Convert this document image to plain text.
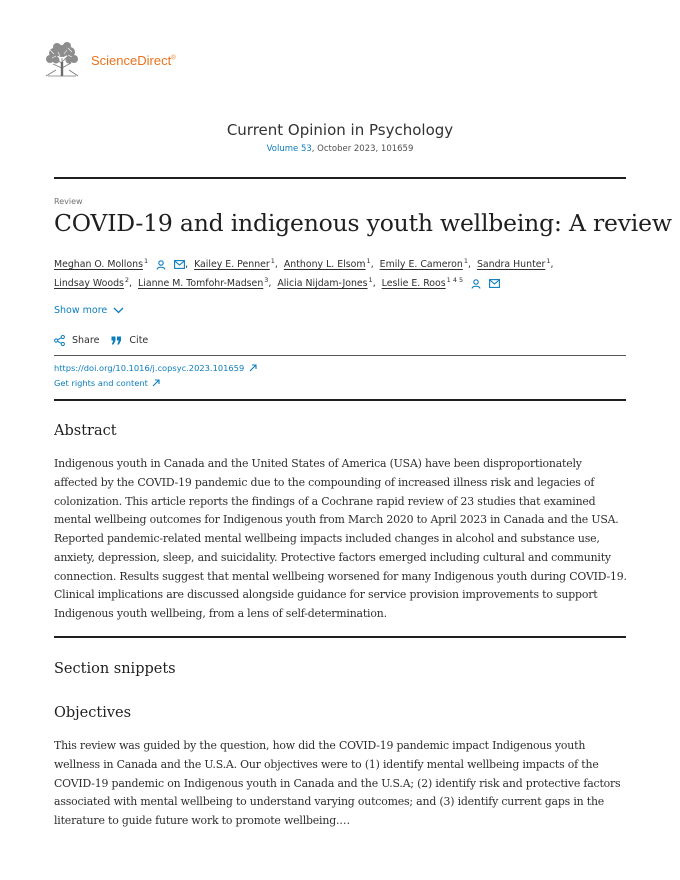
ScienceDirect®
Current Opinion in Psychology
Volume 53, October 2023, 101659
Review
COVID-19 and indigenous youth wellbeing: A review
Meghan O. Mollons$^1$	, Kailey E. Penner$^1$, Anthony L. Elsom$^1$, Emily E. Cameron$^1$, Sandra Hunter$^1$,
Lindsay Woods$^2$, Lianne M. Tomfohr-Madsen$^3$, Alicia Nijdam-Jones$^1$, Leslie E. Roos$^{1 4 5}$
Show more
Share	Cite
https://doi.org/10.1016/j.copsyc.2023.101659
Get rights and content
Abstract

Indigenous youth in Canada and the United States of America (USA) have been disproportionately affected by the COVID-19 pandemic due to the compounding of increased illness risk and legacies of colonization. This article reports the findings of a Cochrane rapid review of 23 studies that examined mental wellbeing outcomes for Indigenous youth from March 2020 to April 2023 in Canada and the USA. Reported pandemic-related mental wellbeing impacts included changes in alcohol and substance use, anxiety, depression, sleep, and suicidality. Protective factors emerged including cultural and community connection. Results suggest that mental wellbeing worsened for many Indigenous youth during COVID-19. Clinical implications are discussed alongside guidance for service provision improvements to support Indigenous youth wellbeing, from a lens of self-determination.

Section snippets
Objectives

This review was guided by the question, how did the COVID-19 pandemic impact Indigenous youth wellness in Canada and the U.S.A. Our objectives were to (1) identify mental wellbeing impacts of the COVID-19 pandemic on Indigenous youth in Canada and the U.S.A; (2) identify risk and protective factors associated with mental wellbeing to understand varying outcomes; and (3) identify current gaps in the literature to guide future work to promote wellbeing.…
